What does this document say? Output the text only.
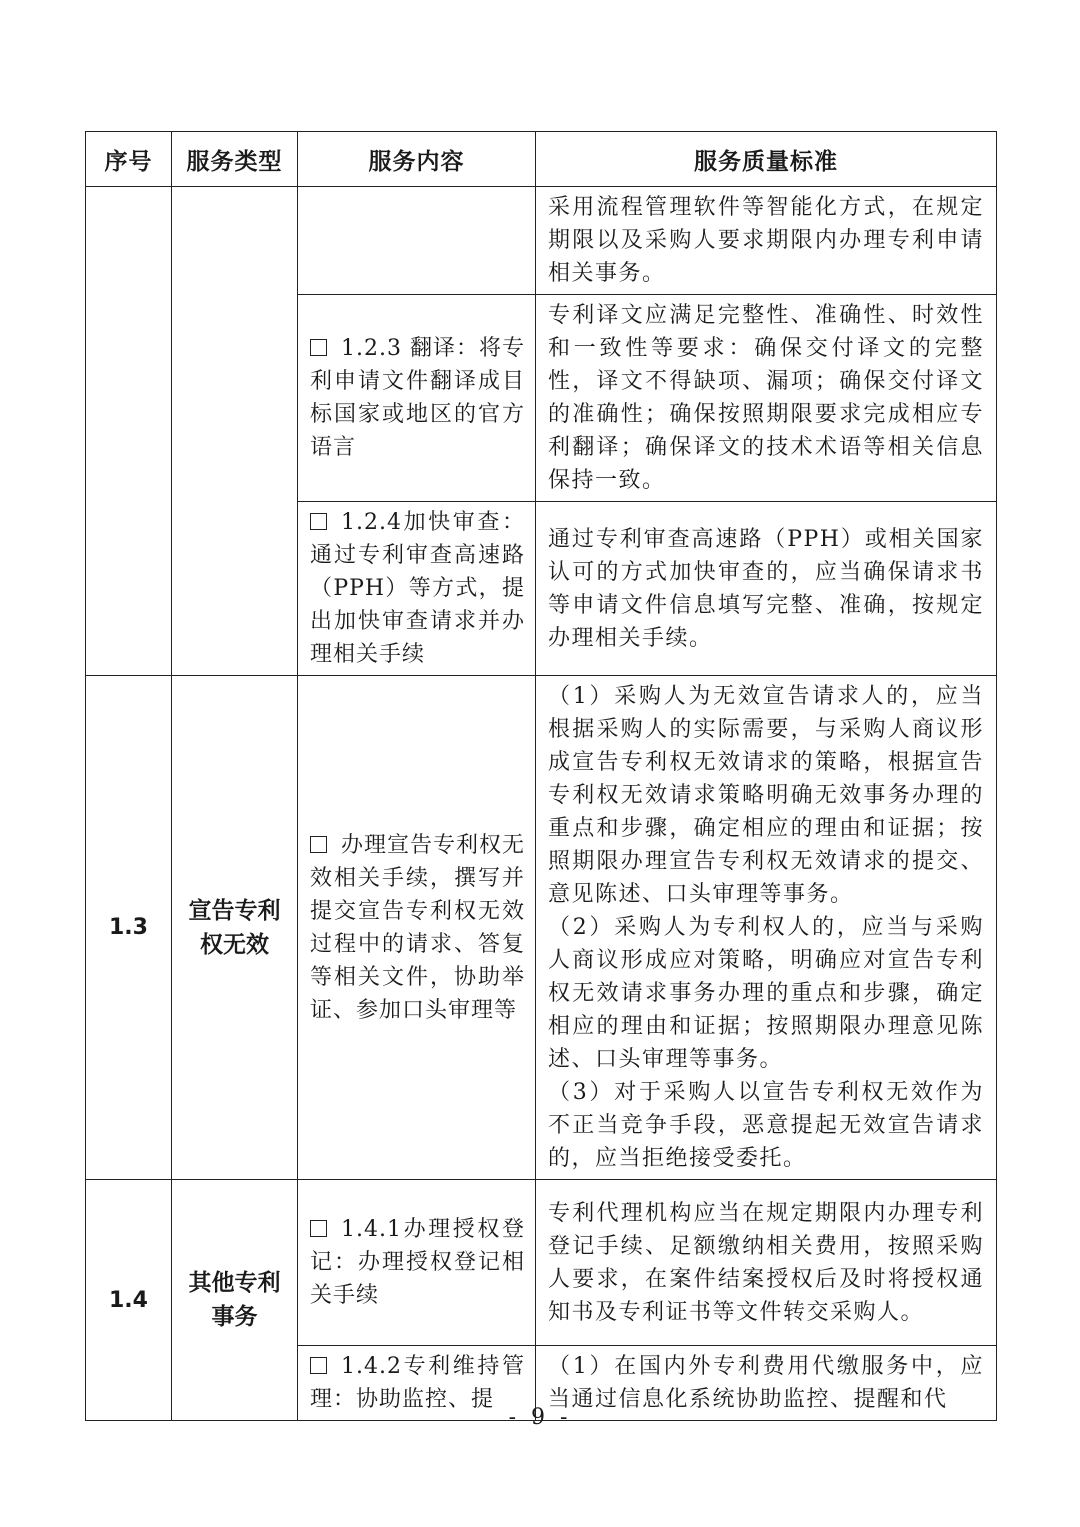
序号	服务类型	服务内容	服务质量标准

			采用流程管理软件等智能化方式，在规定期限以及采购人要求期限内办理专利申请相关事务。

		1.2.3 翻译：将专利申请文件翻译成目标国家或地区的官方语言	专利译文应满足完整性、准确性、时效性和一致性等要求：确保交付译文的完整性，译文不得缺项、漏项；确保交付译文的准确性；确保按照期限要求完成相应专利翻译；确保译文的技术术语等相关信息保持一致。

		1.2.4加快审查：通过专利审查高速路（PPH）等方式，提出加快审查请求并办理相关手续	通过专利审查高速路（PPH）或相关国家认可的方式加快审查的，应当确保请求书等申请文件信息填写完整、准确，按规定办理相关手续。

1.3	宣告专利权无效	办理宣告专利权无效相关手续，撰写并提交宣告专利权无效过程中的请求、答复等相关文件，协助举证、参加口头审理等	（1）采购人为无效宣告请求人的，应当根据采购人的实际需要，与采购人商议形成宣告专利权无效请求的策略，根据宣告专利权无效请求策略明确无效事务办理的重点和步骤，确定相应的理由和证据；按照期限办理宣告专利权无效请求的提交、意见陈述、口头审理等事务。
（2）采购人为专利权人的，应当与采购人商议形成应对策略，明确应对宣告专利权无效请求事务办理的重点和步骤，确定相应的理由和证据；按照期限办理意见陈述、口头审理等事务。
（3）对于采购人以宣告专利权无效作为不正当竞争手段，恶意提起无效宣告请求的，应当拒绝接受委托。

1.4	其他专利事务	1.4.1办理授权登记：办理授权登记相关手续	专利代理机构应当在规定期限内办理专利登记手续、足额缴纳相关费用，按照采购人要求，在案件结案授权后及时将授权通知书及专利证书等文件转交采购人。

		1.4.2专利维持管理：协助监控、提	（1）在国内外专利费用代缴服务中，应当通过信息化系统协助监控、提醒和代
- 9 -
